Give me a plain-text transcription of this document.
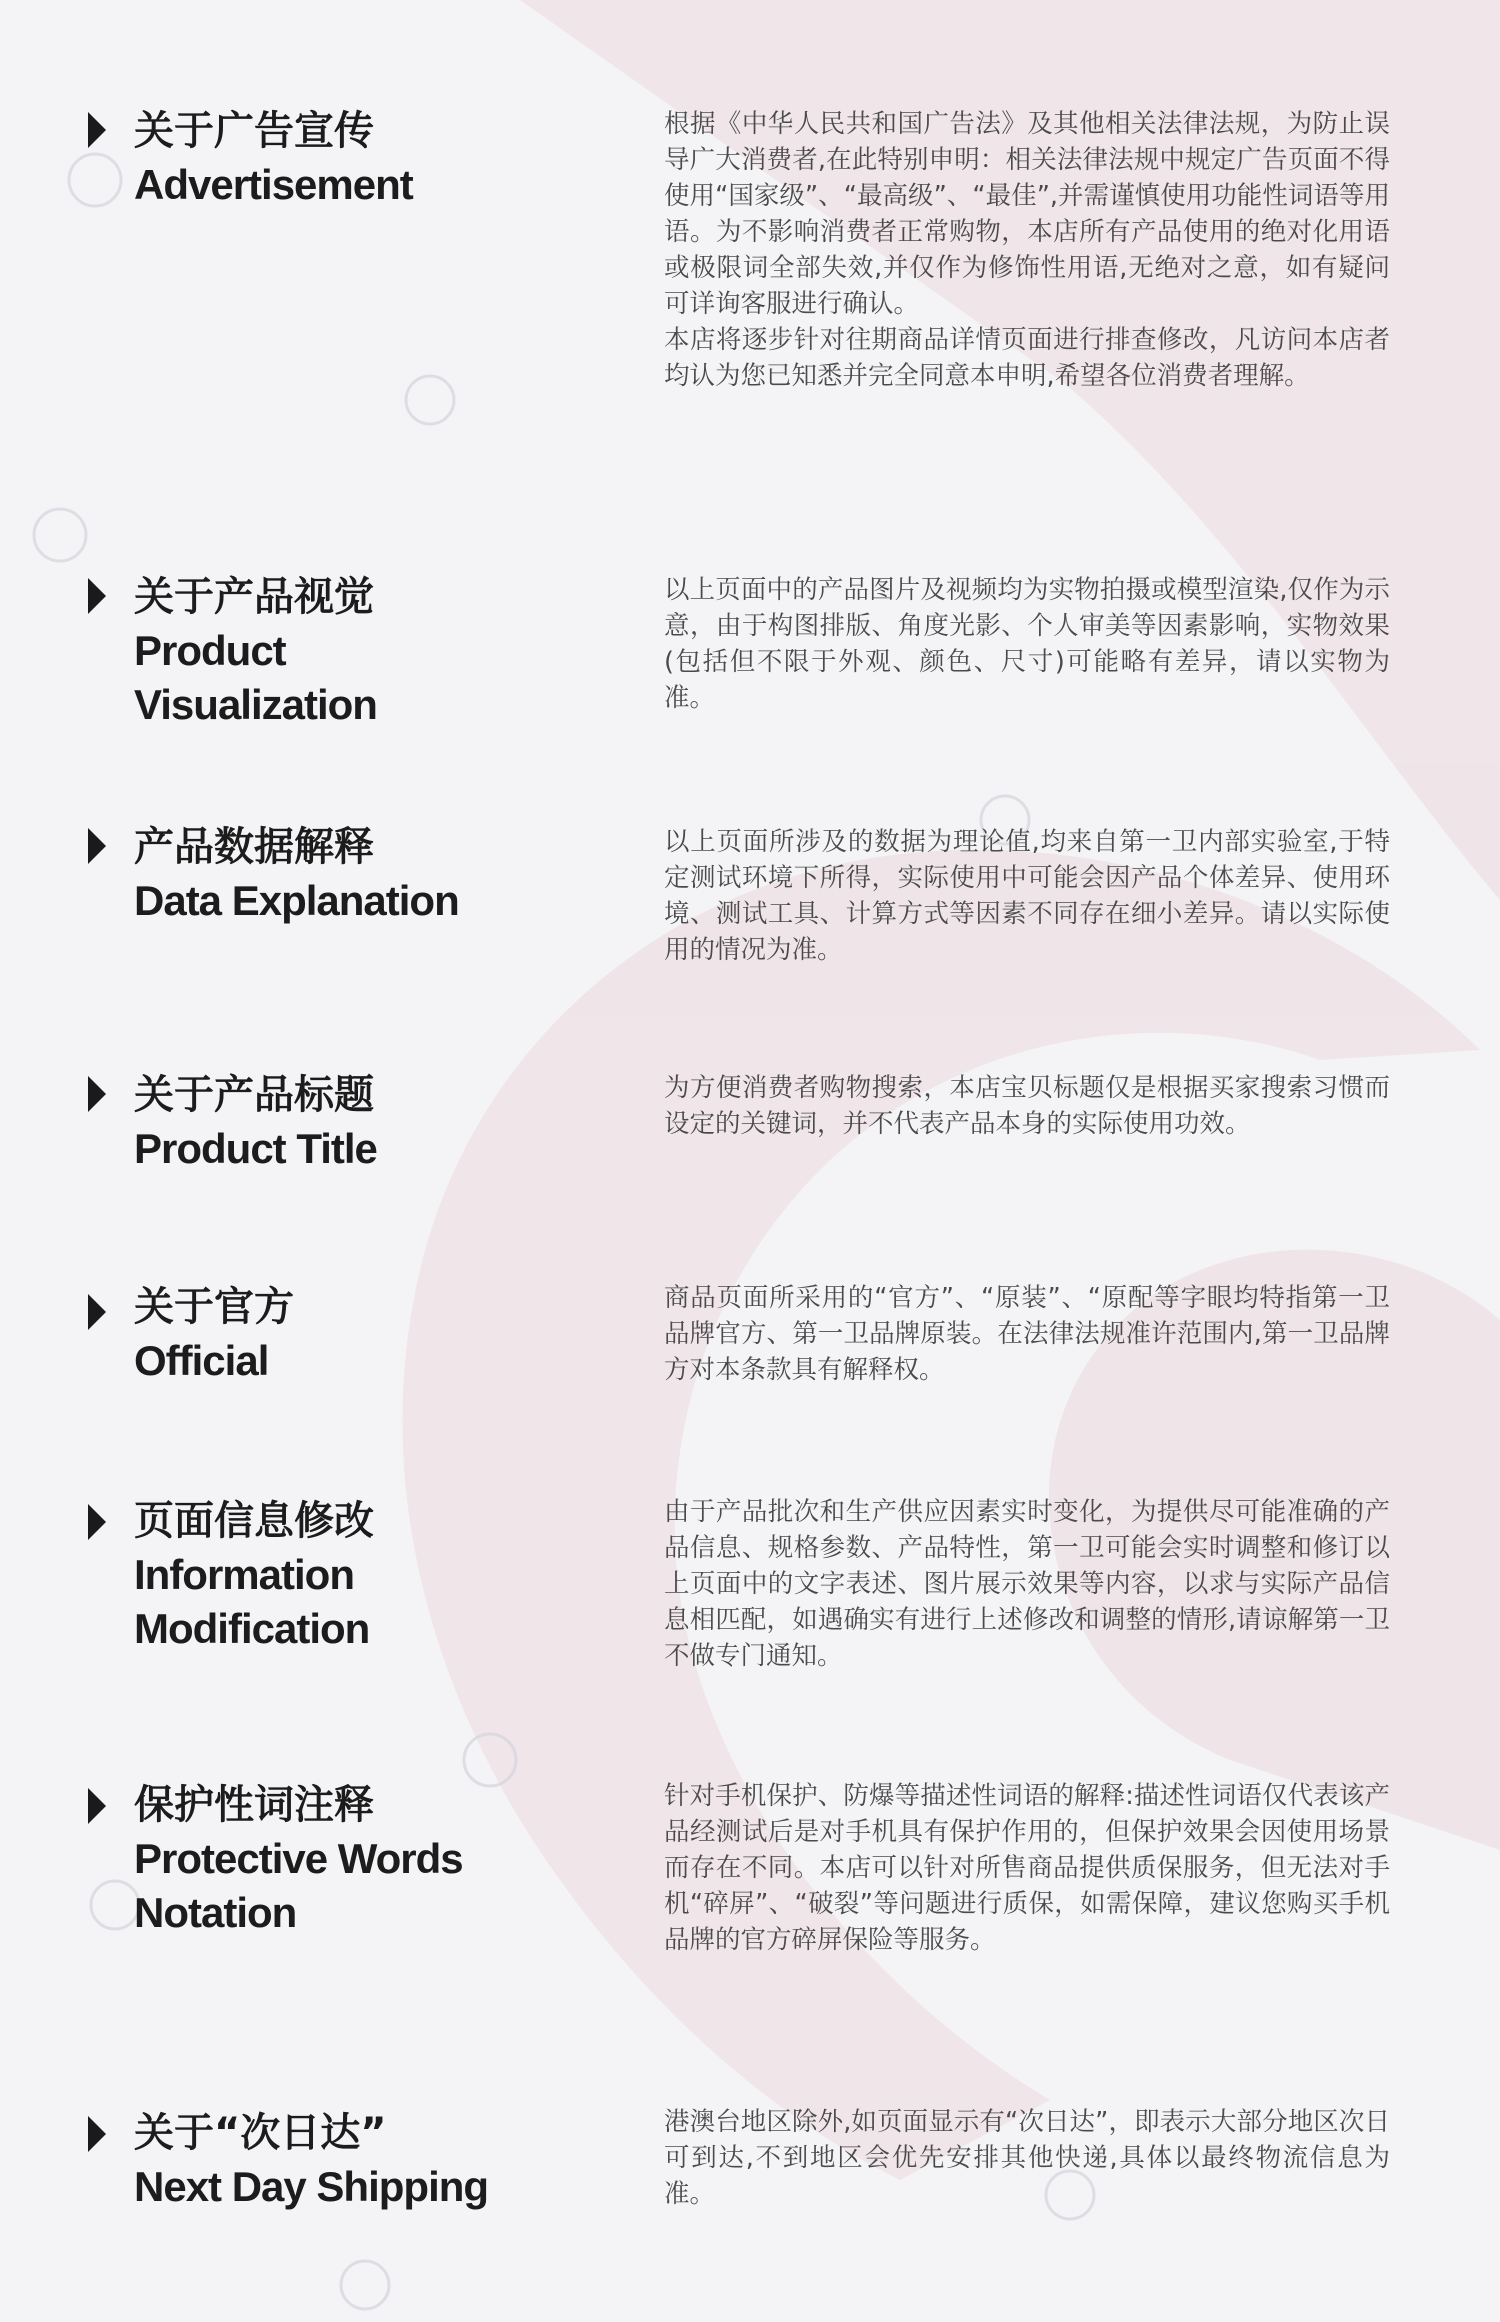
关于广告宣传
Advertisement
根据《中华人民共和国广告法》及其他相关法律法规，为防止误导广大消费者,在此特别申明：相关法律法规中规定广告页面不得使用“国家级”、“最高级”、“最佳”,并需谨慎使用功能性词语等用语。为不影响消费者正常购物，本店所有产品使用的绝对化用语或极限词全部失效,并仅作为修饰性用语,无绝对之意，如有疑问可详询客服进行确认。
本店将逐步针对往期商品详情页面进行排查修改，凡访问本店者均认为您已知悉并完全同意本申明,希望各位消费者理解。
关于产品视觉
Product Visualization
以上页面中的产品图片及视频均为实物拍摄或模型渲染,仅作为示意，由于构图排版、角度光影、个人审美等因素影响，实物效果(包括但不限于外观、颜色、尺寸)可能略有差异，请以实物为准。
产品数据解释
Data Explanation
以上页面所涉及的数据为理论值,均来自第一卫内部实验室,于特定测试环境下所得，实际使用中可能会因产品个体差异、使用环境、测试工具、计算方式等因素不同存在细小差异。请以实际使用的情况为准。
关于产品标题
Product Title
为方便消费者购物搜索，本店宝贝标题仅是根据买家搜索习惯而设定的关键词，并不代表产品本身的实际使用功效。
关于官方
Official
商品页面所采用的“官方”、“原装”、“原配等字眼均特指第一卫品牌官方、第一卫品牌原装。在法律法规准许范围内,第一卫品牌方对本条款具有解释权。
页面信息修改
Information Modification
由于产品批次和生产供应因素实时变化，为提供尽可能准确的产品信息、规格参数、产品特性，第一卫可能会实时调整和修订以上页面中的文字表述、图片展示效果等内容，以求与实际产品信息相匹配，如遇确实有进行上述修改和调整的情形,请谅解第一卫不做专门通知。
保护性词注释
Protective Words Notation
针对手机保护、防爆等描述性词语的解释:描述性词语仅代表该产品经测试后是对手机具有保护作用的，但保护效果会因使用场景而存在不同。本店可以针对所售商品提供质保服务，但无法对手机“碎屏”、“破裂”等问题进行质保，如需保障，建议您购买手机品牌的官方碎屏保险等服务。
关于“次日达”
Next Day Shipping
港澳台地区除外,如页面显示有“次日达”，即表示大部分地区次日可到达,不到地区会优先安排其他快递,具体以最终物流信息为准。
